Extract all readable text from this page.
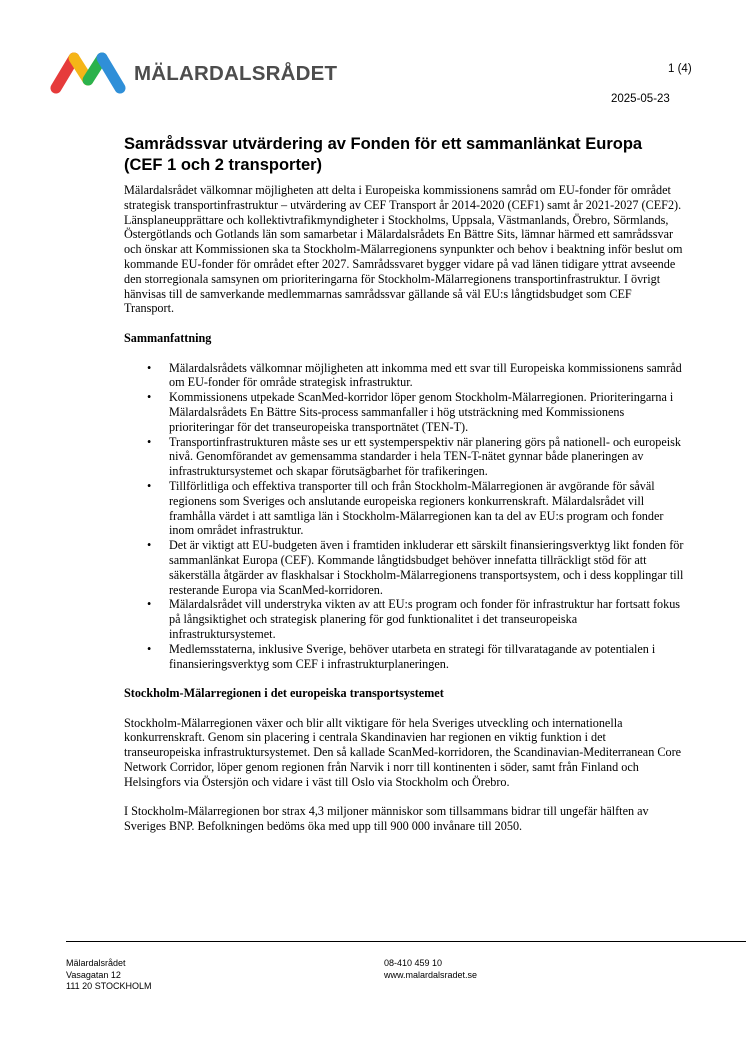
MÄLARDALSRÅDET	1 (4)
2025-05-23
Samrådssvar utvärdering av Fonden för ett sammanlänkat Europa (CEF 1 och 2 transporter)

Mälardalsrådet välkomnar möjligheten att delta i Europeiska kommissionens samråd om EU-fonder för området strategisk transportinfrastruktur – utvärdering av CEF Transport år 2014-2020 (CEF1) samt år 2021-2027 (CEF2). Länsplaneupprättare och kollektivtrafikmyndigheter i Stockholms, Uppsala, Västmanlands, Örebro, Sörmlands, Östergötlands och Gotlands län som samarbetar i Mälardalsrådets En Bättre Sits, lämnar härmed ett samrådssvar och önskar att Kommissionen ska ta Stockholm-Mälarregionens synpunkter och behov i beaktning inför beslut om kommande EU-fonder för området efter 2027. Samrådssvaret bygger vidare på vad länen tidigare yttrat avseende den storregionala samsynen om prioriteringarna för Stockholm-Mälarregionens transportinfrastruktur. I övrigt hänvisas till de samverkande medlemmarnas samrådssvar gällande så väl EU:s långtidsbudget som CEF Transport.

Sammanfattning
• Mälardalsrådets välkomnar möjligheten att inkomma med ett svar till Europeiska kommissionens samråd om EU-fonder för område strategisk infrastruktur.
• Kommissionens utpekade ScanMed-korridor löper genom Stockholm-Mälarregionen. Prioriteringarna i Mälardalsrådets En Bättre Sits-process sammanfaller i hög utsträckning med Kommissionens prioriteringar för det transeuropeiska transportnätet (TEN-T).
• Transportinfrastrukturen måste ses ur ett systemperspektiv när planering görs på nationell- och europeisk nivå. Genomförandet av gemensamma standarder i hela TEN-T-nätet gynnar både planeringen av infrastruktursystemet och skapar förutsägbarhet för trafikeringen.
• Tillförlitliga och effektiva transporter till och från Stockholm-Mälarregionen är avgörande för såväl regionens som Sveriges och anslutande europeiska regioners konkurrenskraft. Mälardalsrådet vill framhålla värdet i att samtliga län i Stockholm-Mälarregionen kan ta del av EU:s program och fonder inom området infrastruktur.
• Det är viktigt att EU-budgeten även i framtiden inkluderar ett särskilt finansieringsverktyg likt fonden för sammanlänkat Europa (CEF). Kommande långtidsbudget behöver innefatta tillräckligt stöd för att säkerställa åtgärder av flaskhalsar i Stockholm-Mälarregionens transportsystem, och i dess kopplingar till resterande Europa via ScanMed-korridoren.
• Mälardalsrådet vill understryka vikten av att EU:s program och fonder för infrastruktur har fortsatt fokus på långsiktighet och strategisk planering för god funktionalitet i det transeuropeiska infrastruktursystemet.
• Medlemsstaterna, inklusive Sverige, behöver utarbeta en strategi för tillvaratagande av potentialen i finansieringsverktyg som CEF i infrastrukturplaneringen.
Stockholm-Mälarregionen i det europeiska transportsystemet

Stockholm-Mälarregionen växer och blir allt viktigare för hela Sveriges utveckling och internationella konkurrenskraft. Genom sin placering i centrala Skandinavien har regionen en viktig funktion i det transeuropeiska infrastruktursystemet. Den så kallade ScanMed-korridoren, the Scandinavian-Mediterranean Core Network Corridor, löper genom regionen från Narvik i norr till kontinenten i söder, samt från Finland och Helsingfors via Östersjön och vidare i väst till Oslo via Stockholm och Örebro.

I Stockholm-Mälarregionen bor strax 4,3 miljoner människor som tillsammans bidrar till ungefär hälften av Sveriges BNP. Befolkningen bedöms öka med upp till 900 000 invånare till 2050.

Mälardalsrådet
Vasagatan 12
111 20 STOCKHOLM
08-410 459 10
www.malardalsradet.se
